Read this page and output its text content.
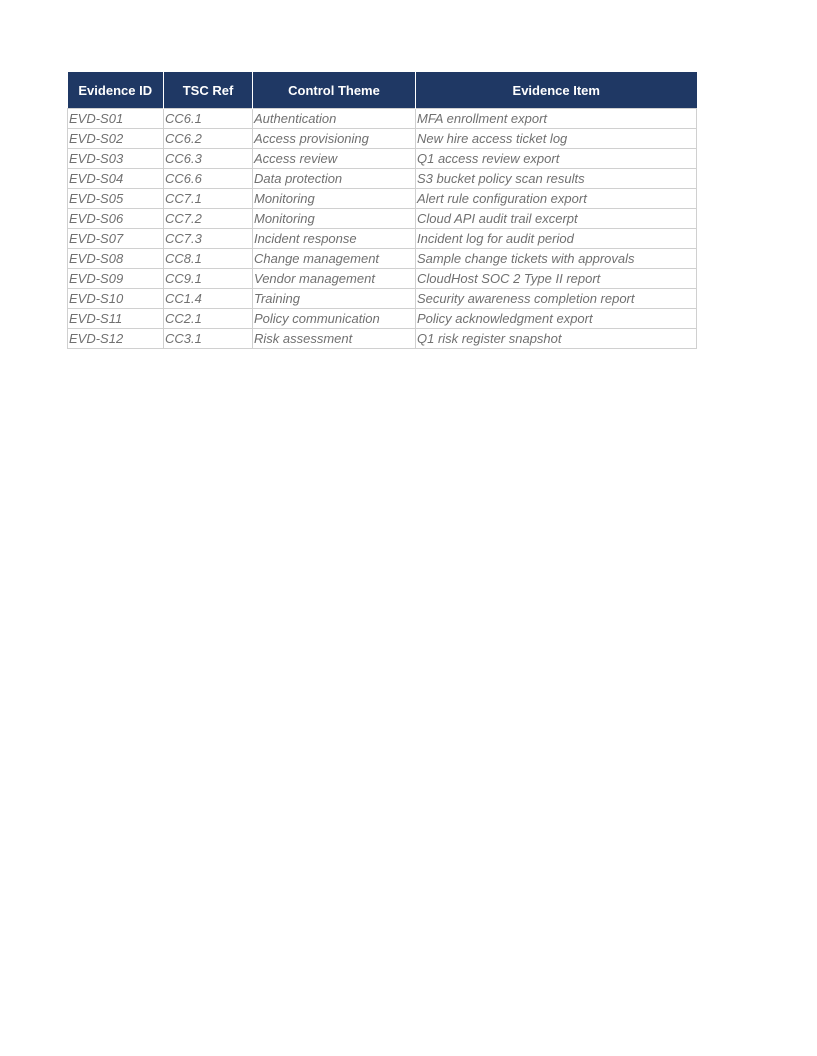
Evidence ID	TSC Ref	Control Theme	Evidence Item
EVD-S01	CC6.1	Authentication	MFA enrollment export
EVD-S02	CC6.2	Access provisioning	New hire access ticket log
EVD-S03	CC6.3	Access review	Q1 access review export
EVD-S04	CC6.6	Data protection	S3 bucket policy scan results
EVD-S05	CC7.1	Monitoring	Alert rule configuration export
EVD-S06	CC7.2	Monitoring	Cloud API audit trail excerpt
EVD-S07	CC7.3	Incident response	Incident log for audit period
EVD-S08	CC8.1	Change management	Sample change tickets with approvals
EVD-S09	CC9.1	Vendor management	CloudHost SOC 2 Type II report
EVD-S10	CC1.4	Training	Security awareness completion report
EVD-S11	CC2.1	Policy communication	Policy acknowledgment export
EVD-S12	CC3.1	Risk assessment	Q1 risk register snapshot
